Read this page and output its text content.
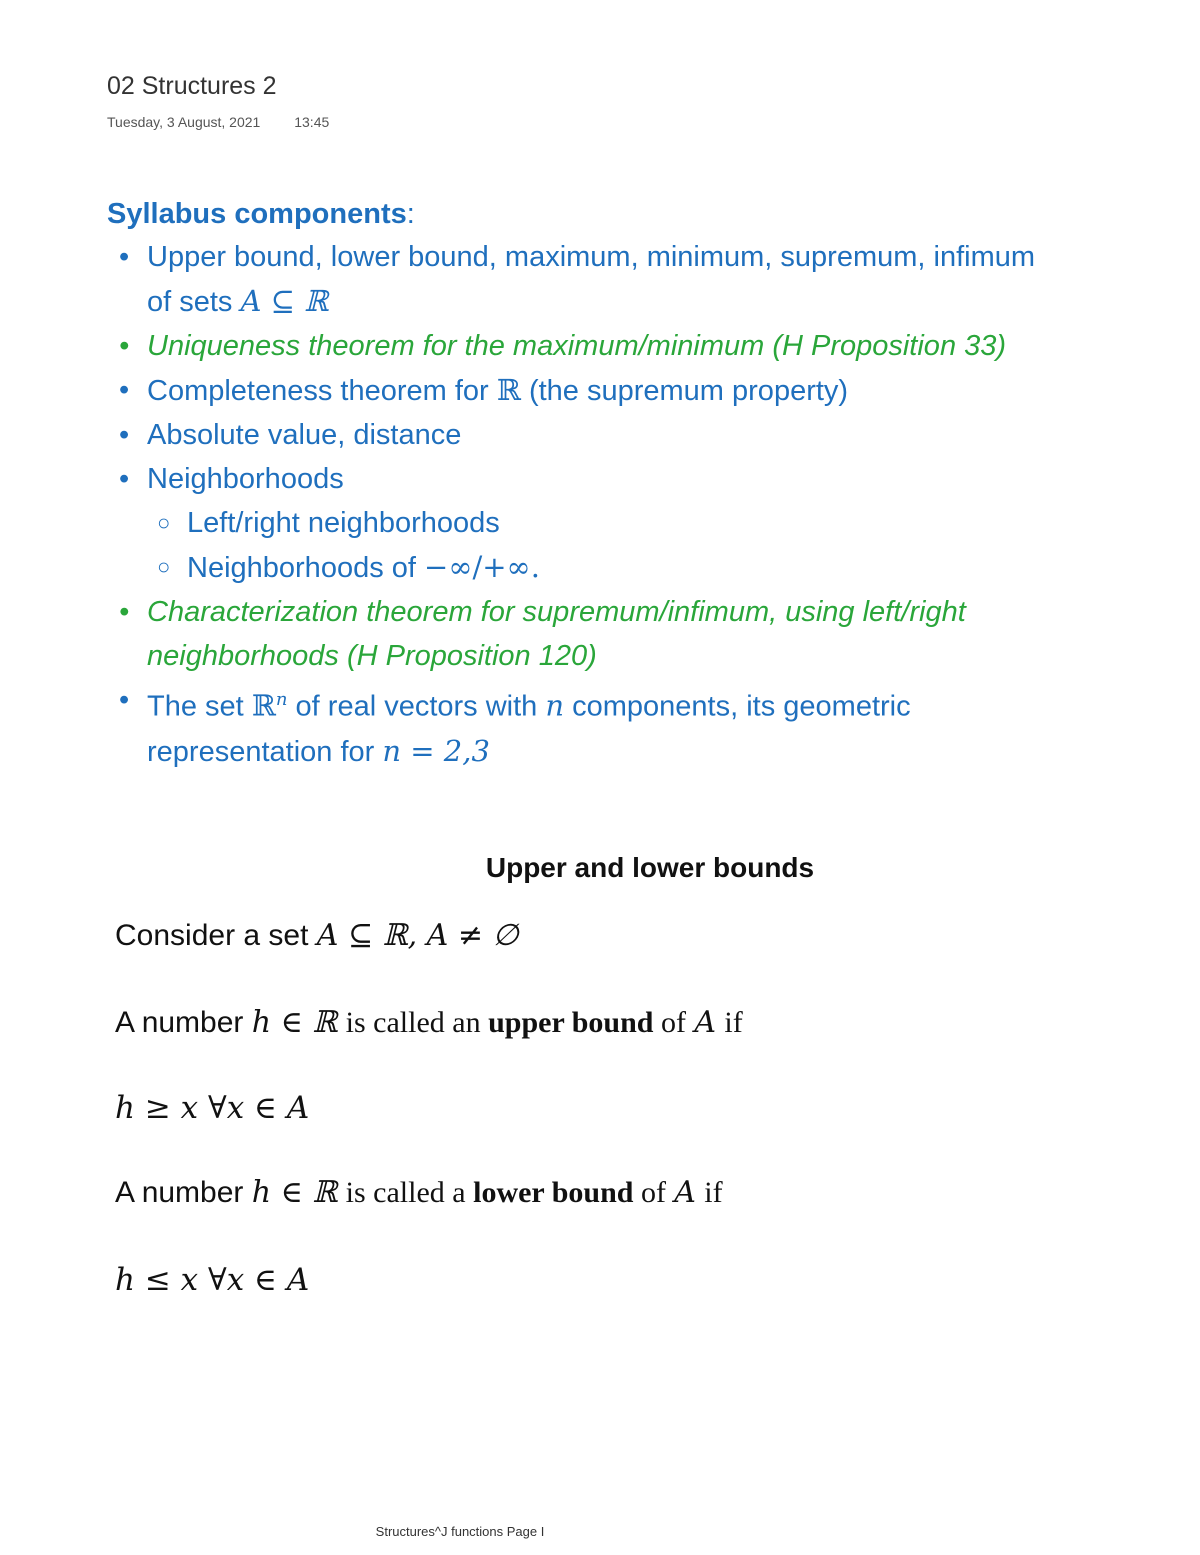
02 Structures 2
Tuesday, 3 August, 2021 13:45
Syllabus components:
• Upper bound, lower bound, maximum, minimum, supremum, infimum
of sets A ⊆ ℝ
• Uniqueness theorem for the maximum/minimum (H Proposition 33)
• Completeness theorem for ℝ (the supremum property)
• Absolute value, distance
• Neighborhoods
○ Left/right neighborhoods
○ Neighborhoods of −∞/+∞.
• Characterization theorem for supremum/infimum, using left/right
neighborhoods (H Proposition 120)
• The set ℝ$^n$ of real vectors with n components, its geometric
representation for n = 2,3
Upper and lower bounds
Consider a set A ⊆ ℝ, A ≠ ∅
A number h ∈ ℝ is called an upper bound of A if
h ≥ x ∀x ∈ A
A number h ∈ ℝ is called a lower bound of A if
h ≤ x ∀x ∈ A
Structures^J functions Page I
